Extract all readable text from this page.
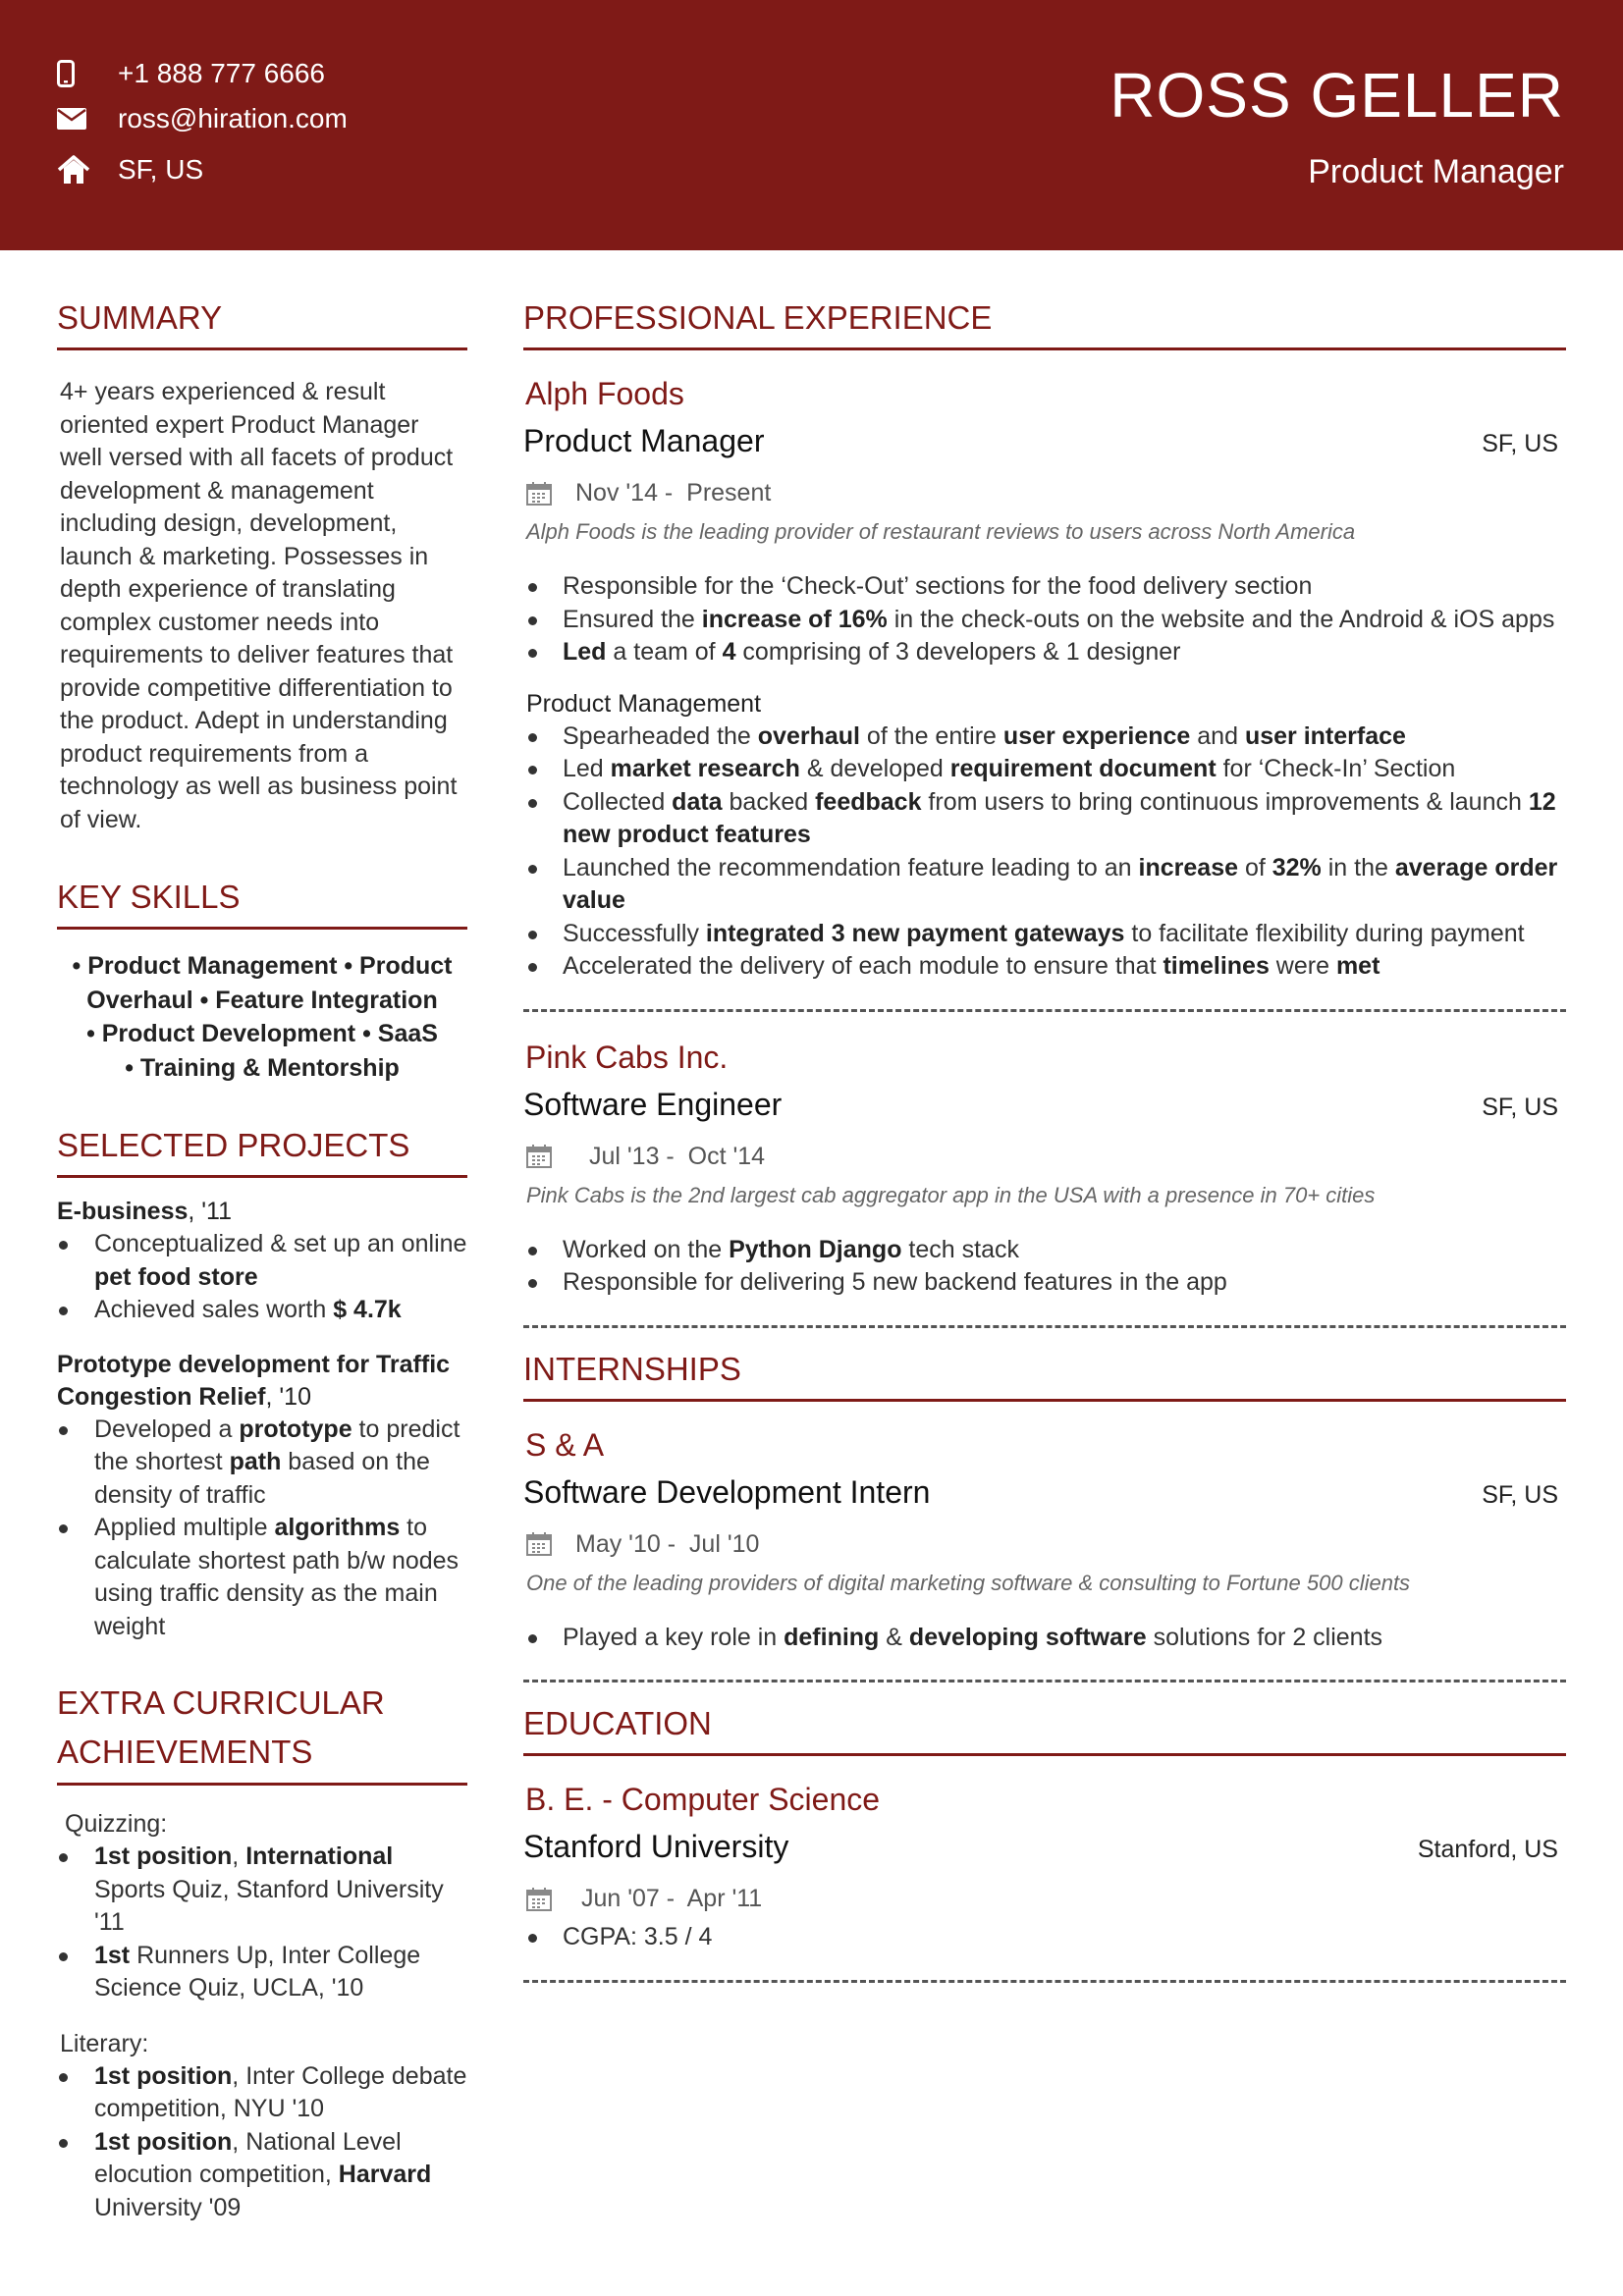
+1 888 777 6666
ross@hiration.com
SF, US
ROSS GELLER
Product Manager
SUMMARY

4+ years experienced & result oriented expert Product Manager well versed with all facets of product development & management including design, development, launch & marketing. Possesses in depth experience of translating complex customer needs into requirements to deliver features that provide competitive differentiation to the product. Adept in understanding product requirements from a technology as well as business point of view.

KEY SKILLS
• Product Management • Product
Overhaul • Feature Integration
• Product Development • SaaS
• Training & Mentorship
SELECTED PROJECTS
E-business, '11
Conceptualized & set up an online pet food store
Achieved sales worth $ 4.7k
Prototype development for Traffic Congestion Relief, '10
Developed a prototype to predict the shortest path based on the density of traffic
Applied multiple algorithms to calculate shortest path b/w nodes using traffic density as the main weight
EXTRA CURRICULAR ACHIEVEMENTS
Quizzing:
1st position, International Sports Quiz, Stanford University '11
1st Runners Up, Inter College Science Quiz, UCLA, '10
Literary:
1st position, Inter College debate competition, NYU '10
1st position, National Level elocution competition, Harvard University '09
PROFESSIONAL EXPERIENCE
Alph Foods
Product Manager	SF, US
Nov '14 -  Present
Alph Foods is the leading provider of restaurant reviews to users across North America
Responsible for the ‘Check-Out’ sections for the food delivery section
Ensured the increase of 16% in the check-outs on the website and the Android & iOS apps
Led a team of 4 comprising of 3 developers & 1 designer
Product Management
Spearheaded the overhaul of the entire user experience and user interface
Led market research & developed requirement document for ‘Check-In’ Section
Collected data backed feedback from users to bring continuous improvements & launch 12 new product features
Launched the recommendation feature leading to an increase of 32% in the average order value
Successfully integrated 3 new payment gateways to facilitate flexibility during payment
Accelerated the delivery of each module to ensure that timelines were met
Pink Cabs Inc.
Software Engineer	SF, US
Jul '13 -  Oct '14
Pink Cabs is the 2nd largest cab aggregator app in the USA with a presence in 70+ cities
Worked on the Python Django tech stack
Responsible for delivering 5 new backend features in the app
INTERNSHIPS
S & A
Software Development Intern	SF, US
May '10 -  Jul '10
One of the leading providers of digital marketing software & consulting to Fortune 500 clients
Played a key role in defining & developing software solutions for 2 clients
EDUCATION
B. E. - Computer Science
Stanford University	Stanford, US
Jun '07 -  Apr '11
CGPA: 3.5 / 4
